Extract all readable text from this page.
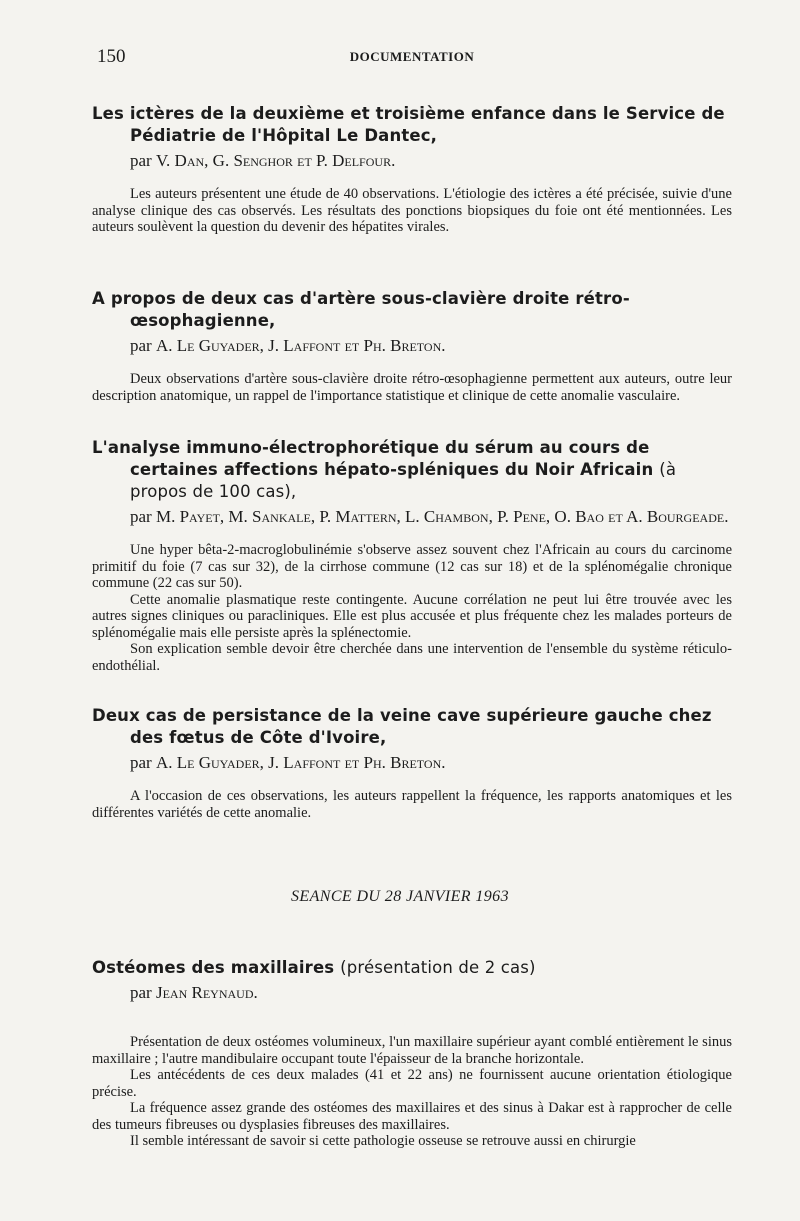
150	DOCUMENTATION
Les ictères de la deuxième et troisième enfance dans le Service de Pédiatrie de l'Hôpital Le Dantec,
par V. Dan, G. Senghor et P. Delfour.

Les auteurs présentent une étude de 40 observations. L'étiologie des ictères a été précisée, suivie d'une analyse clinique des cas observés. Les résultats des ponctions biopsiques du foie ont été mentionnées. Les auteurs soulèvent la question du devenir des hépatites virales.

A propos de deux cas d'artère sous-clavière droite rétro-œsophagienne,
par A. Le Guyader, J. Laffont et Ph. Breton.

Deux observations d'artère sous-clavière droite rétro-œsophagienne permettent aux auteurs, outre leur description anatomique, un rappel de l'importance statistique et clinique de cette anomalie vasculaire.

L'analyse immuno-électrophorétique du sérum au cours de certaines affections hépato-spléniques du Noir Africain (à propos de 100 cas),
par M. Payet, M. Sankale, P. Mattern, L. Chambon, P. Pene, O. Bao et A. Bourgeade.

Une hyper bêta-2-macroglobulinémie s'observe assez souvent chez l'Africain au cours du carcinome primitif du foie (7 cas sur 32), de la cirrhose commune (12 cas sur 18) et de la splénomégalie chronique commune (22 cas sur 50).

Cette anomalie plasmatique reste contingente. Aucune corrélation ne peut lui être trouvée avec les autres signes cliniques ou paracliniques. Elle est plus accusée et plus fréquente chez les malades porteurs de splénomégalie mais elle persiste après la splénectomie.

Son explication semble devoir être cherchée dans une intervention de l'ensemble du système réticulo-endothélial.

Deux cas de persistance de la veine cave supérieure gauche chez des fœtus de Côte d'Ivoire,
par A. Le Guyader, J. Laffont et Ph. Breton.

A l'occasion de ces observations, les auteurs rappellent la fréquence, les rapports anatomiques et les différentes variétés de cette anomalie.

SEANCE DU 28 JANVIER 1963
Ostéomes des maxillaires (présentation de 2 cas)
par Jean Reynaud.

Présentation de deux ostéomes volumineux, l'un maxillaire supérieur ayant comblé entièrement le sinus maxillaire ; l'autre mandibulaire occupant toute l'épaisseur de la branche horizontale.

Les antécédents de ces deux malades (41 et 22 ans) ne fournissent aucune orientation étiologique précise.

La fréquence assez grande des ostéomes des maxillaires et des sinus à Dakar est à rapprocher de celle des tumeurs fibreuses ou dysplasies fibreuses des maxillaires.

Il semble intéressant de savoir si cette pathologie osseuse se retrouve aussi en chirurgie
